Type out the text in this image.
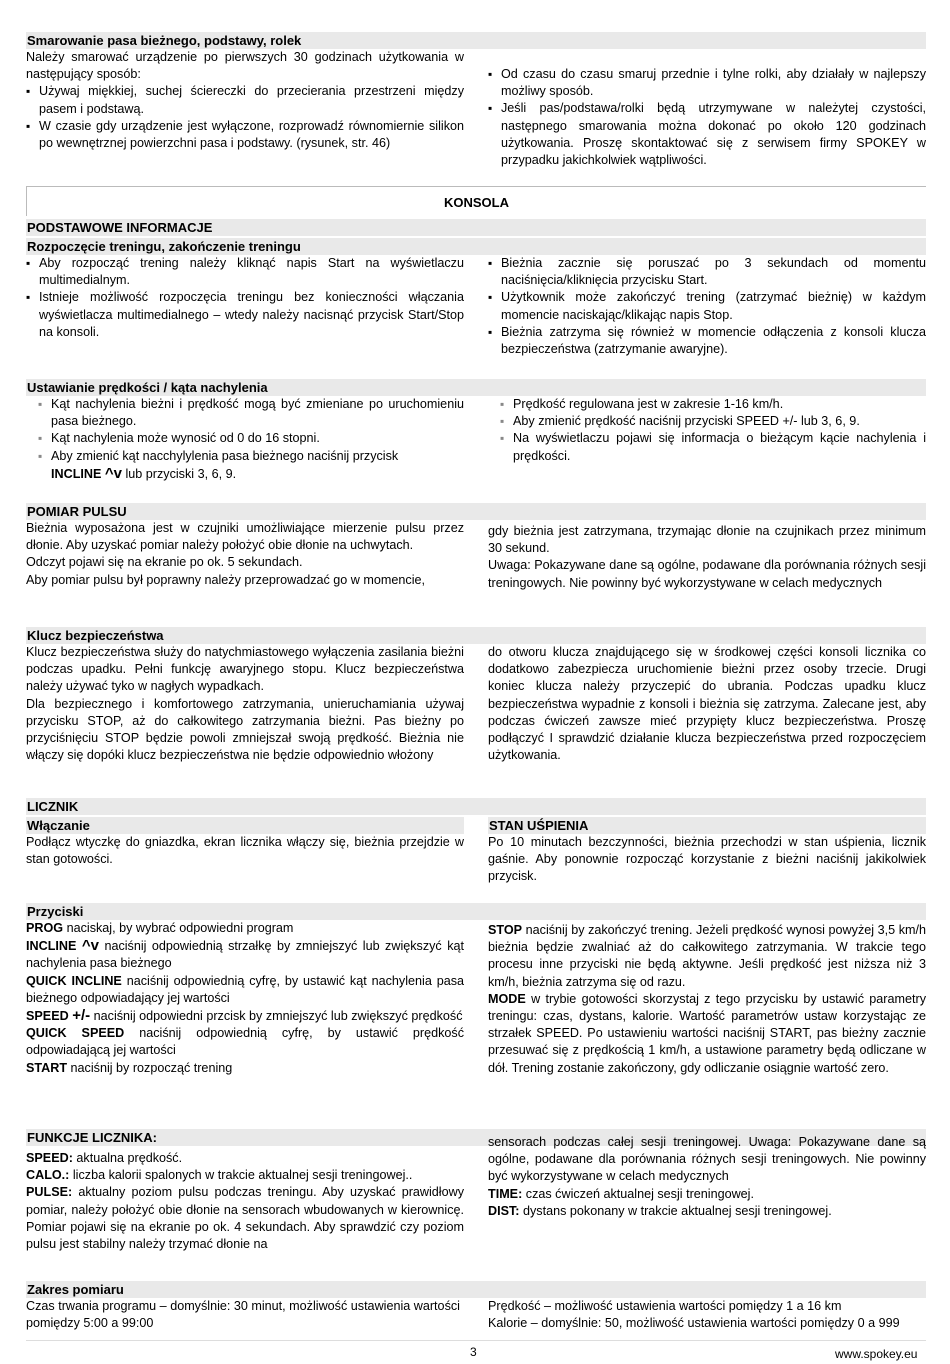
Smarowanie pasa bieżnego, podstawy, rolek

Należy smarować urządzenie po pierwszych 30 godzinach użytkowania w następujący sposób:

▪ Używaj miękkiej, suchej ściereczki do przecierania przestrzeni między pasem i podstawą.
▪ W czasie gdy urządzenie jest wyłączone, rozprowadź równomiernie silikon po wewnętrznej powierzchni pasa i podstawy. (rysunek, str. 46)
▪ Od czasu do czasu smaruj przednie i tylne rolki, aby działały w najlepszy możliwy sposób.
▪ Jeśli pas/podstawa/rolki będą utrzymywane w należytej czystości, następnego smarowania można dokonać po około 120 godzinach użytkowania. Proszę skontaktować się z serwisem firmy SPOKEY w przypadku jakichkolwiek wątpliwości.
KONSOLA
PODSTAWOWE INFORMACJE
Rozpoczęcie treningu, zakończenie treningu
▪ Aby rozpocząć trening należy kliknąć napis Start na wyświetlaczu multimedialnym.
▪ Istnieje możliwość rozpoczęcia treningu bez konieczności włączania wyświetlacza multimedialnego – wtedy należy nacisnąć przycisk Start/Stop na konsoli.
▪ Bieżnia zacznie się poruszać po 3 sekundach od momentu naciśnięcia/kliknięcia przycisku Start.
▪ Użytkownik może zakończyć trening (zatrzymać bieżnię) w każdym momencie naciskając/klikając napis Stop.
▪ Bieżnia zatrzyma się również w momencie odłączenia z konsoli klucza bezpieczeństwa (zatrzymanie awaryjne).
Ustawianie prędkości / kąta nachylenia
▪ Kąt nachylenia bieżni i prędkość mogą być zmieniane po uruchomieniu pasa bieżnego.
▪ Kąt nachylenia może wynosić od 0 do 16 stopni.
▪ Aby zmienić kąt nacchylylenia pasa bieżnego naciśnij przycisk
INCLINE ^v lub przyciski 3, 6, 9.
▪ Prędkość regulowana jest w zakresie 1-16 km/h.
▪ Aby zmienić prędkość naciśnij przyciski SPEED +/- lub 3, 6, 9.
▪ Na wyświetlaczu pojawi się informacja o bieżącym kącie nachylenia i prędkości.
POMIAR PULSU

Bieżnia wyposażona jest w czujniki umożliwiające mierzenie pulsu przez dłonie. Aby uzyskać pomiar należy położyć obie dłonie na uchwytach.

Odczyt pojawi się na ekranie po ok. 5 sekundach.

Aby pomiar pulsu był poprawny należy przeprowadzać go w momencie,

gdy bieżnia jest zatrzymana, trzymając dłonie na czujnikach przez minimum 30 sekund.

Uwaga: Pokazywane dane są ogólne, podawane dla porównania różnych sesji treningowych. Nie powinny być wykorzystywane w celach medycznych

Klucz bezpieczeństwa

Klucz bezpieczeństwa służy do natychmiastowego wyłączenia zasilania bieżni podczas upadku. Pełni funkcję awaryjnego stopu. Klucz bezpieczeństwa należy używać tyko w nagłych wypadkach.

Dla bezpiecznego i komfortowego zatrzymania, unieruchamiania używaj przycisku STOP, aż do całkowitego zatrzymania bieżni. Pas bieżny po przyciśnięciu STOP będzie powoli zmniejszał swoją prędkość. Bieżnia nie włączy się dopóki klucz bezpieczeństwa nie będzie odpowiednio włożony

do otworu klucza znajdującego się w środkowej części konsoli licznika co dodatkowo zabezpiecza uruchomienie bieżni przez osoby trzecie. Drugi koniec klucza należy przyczepić do ubrania. Podczas upadku klucz bezpieczeństwa wypadnie z konsoli i bieżnia się zatrzyma. Zalecane jest, aby podczas ćwiczeń zawsze mieć przypięty klucz bezpieczeństwa. Proszę podłączyć I sprawdzić działanie klucza bezpieczeństwa przed rozpoczęciem użytkowania.

LICZNIK
Włączanie

Podłącz wtyczkę do gniazdka, ekran licznika włączy się, bieżnia przejdzie w stan gotowości.

STAN UŚPIENIA

Po 10 minutach bezczynności, bieżnia przechodzi w stan uśpienia, licznik gaśnie. Aby ponownie rozpocząć korzystanie z bieżni naciśnij jakikolwiek przycisk.

Przyciski

PROG naciskaj, by wybrać odpowiedni program

INCLINE ^v naciśnij odpowiednią strzałkę by zmniejszyć lub zwiększyć kąt nachylenia pasa bieżnego

QUICK INCLINE naciśnij odpowiednią cyfrę, by ustawić kąt nachylenia pasa bieżnego odpowiadający jej wartości

SPEED +/- naciśnij odpowiedni przcisk by zmniejszyć lub zwiększyć prędkość

QUICK SPEED naciśnij odpowiednią cyfrę, by ustawić prędkość odpowiadającą jej wartości

START naciśnij by rozpocząć trening

STOP naciśnij by zakończyć trening. Jeżeli prędkość wynosi powyżej 3,5 km/h bieżnia będzie zwalniać aż do całkowitego zatrzymania. W trakcie tego procesu inne przyciski nie będą aktywne. Jeśli prędkość jest niższa niż 3 km/h, bieżnia zatrzyma się od razu.

MODE w trybie gotowości skorzystaj z tego przycisku by ustawić parametry treningu: czas, dystans, kalorie. Wartość parametrów ustaw korzystając ze strzałek SPEED. Po ustawieniu wartości naciśnij START, pas bieżny zacznie przesuwać się z prędkością 1 km/h, a ustawione parametry będą odliczane w dół. Trening zostanie zakończony, gdy odliczanie osiągnie wartość zero.

FUNKCJE LICZNIKA:

SPEED: aktualna prędkość.

CALO.: liczba kalorii spalonych w trakcie aktualnej sesji treningowej..

PULSE: aktualny poziom pulsu podczas treningu. Aby uzyskać prawidłowy pomiar, należy położyć obie dłonie na sensorach wbudowanych w kierownicę. Pomiar pojawi się na ekranie po ok. 4 sekundach. Aby sprawdzić czy poziom pulsu jest stabilny należy trzymać dłonie na

sensorach podczas całej sesji treningowej. Uwaga: Pokazywane dane są ogólne, podawane dla porównania różnych sesji treningowych. Nie powinny być wykorzystywane w celach medycznych

TIME: czas ćwiczeń aktualnej sesji treningowej.

DIST: dystans pokonany w trakcie aktualnej sesji treningowej.

Zakres pomiaru

Czas trwania programu – domyślnie: 30 minut, możliwość ustawienia wartości pomiędzy 5:00 a 99:00

Prędkość – możliwość ustawienia wartości pomiędzy 1 a 16 km

Kalorie – domyślnie: 50, możliwość ustawienia wartości pomiędzy 0 a 999

3	www.spokey.eu
